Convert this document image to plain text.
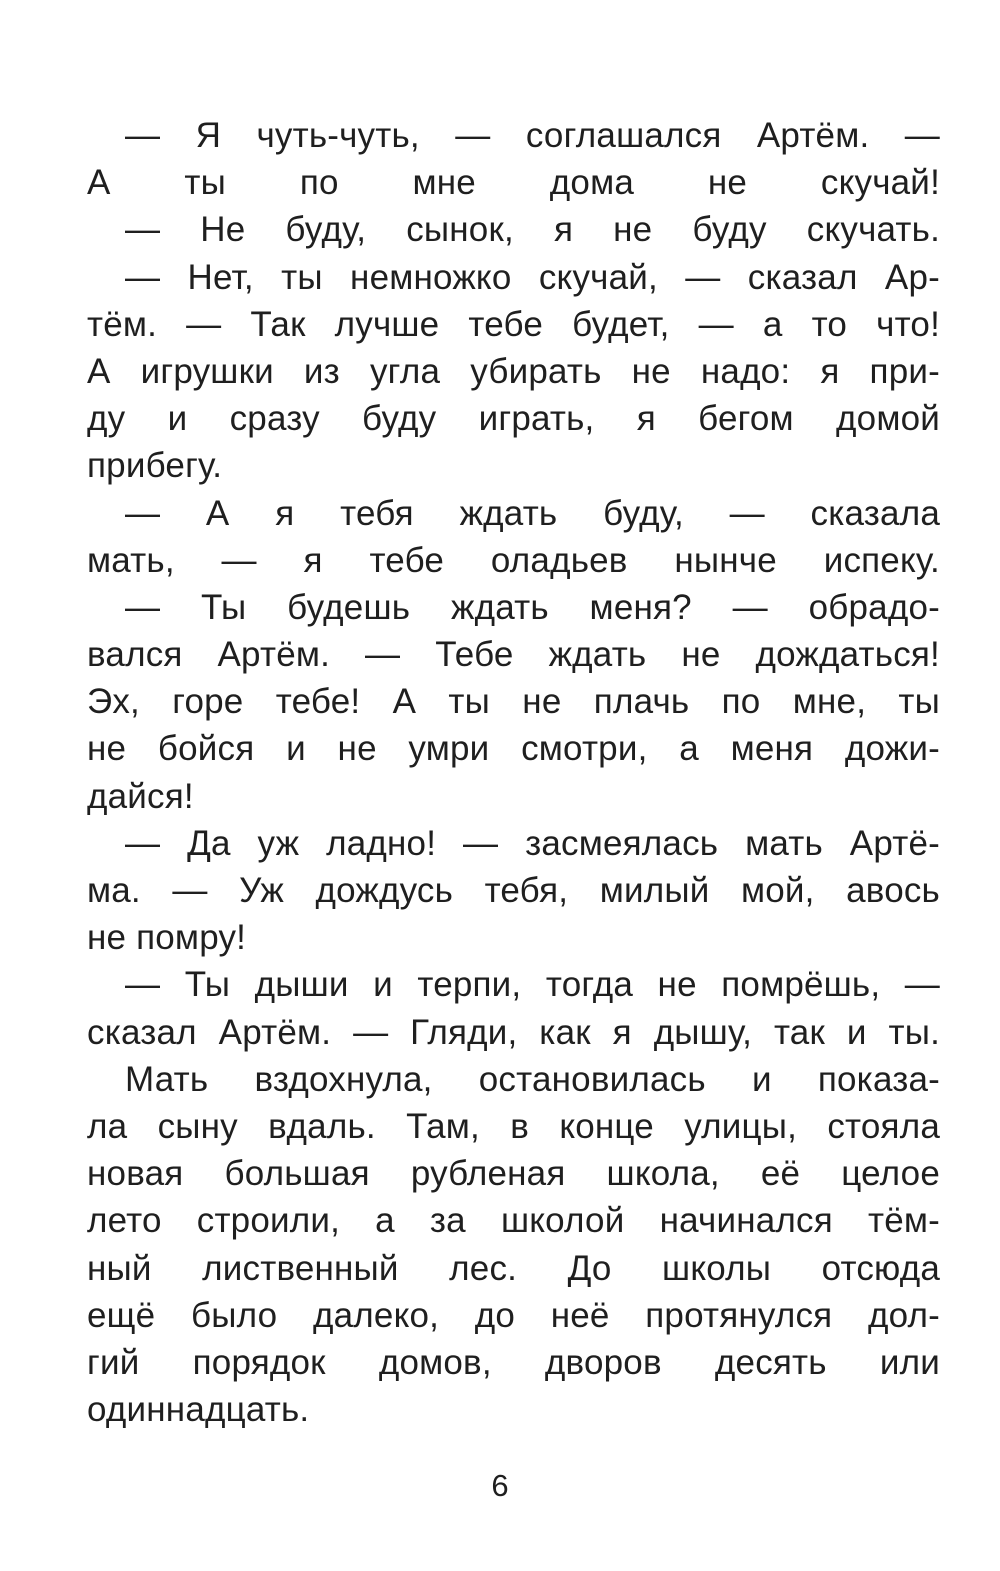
— Я чуть-чуть, — соглашался Артём. —
А ты по мне дома не скучай!
— Не буду, сынок, я не буду скучать.
— Нет, ты немножко скучай, — сказал Ар-
тём. — Так лучше тебе будет, — а то что!
А игрушки из угла убирать не надо: я при-
ду и сразу буду играть, я бегом домой
прибегу.
— А я тебя ждать буду, — сказала
мать, — я тебе оладьев нынче испеку.
— Ты будешь ждать меня? — обрадо-
вался Артём. — Тебе ждать не дождаться!
Эх, горе тебе! А ты не плачь по мне, ты
не бойся и не умри смотри, а меня дожи-
дайся!
— Да уж ладно! — засмеялась мать Артё-
ма. — Уж дождусь тебя, милый мой, авось
не помру!
— Ты дыши и терпи, тогда не помрёшь, —
сказал Артём. — Гляди, как я дышу, так и ты.
Мать вздохнула, остановилась и показа-
ла сыну вдаль. Там, в конце улицы, стояла
новая большая рубленая школа, её целое
лето строили, а за школой начинался тём-
ный лиственный лес. До школы отсюда
ещё было далеко, до неё протянулся дол-
гий порядок домов, дворов десять или
одиннадцать.
6
